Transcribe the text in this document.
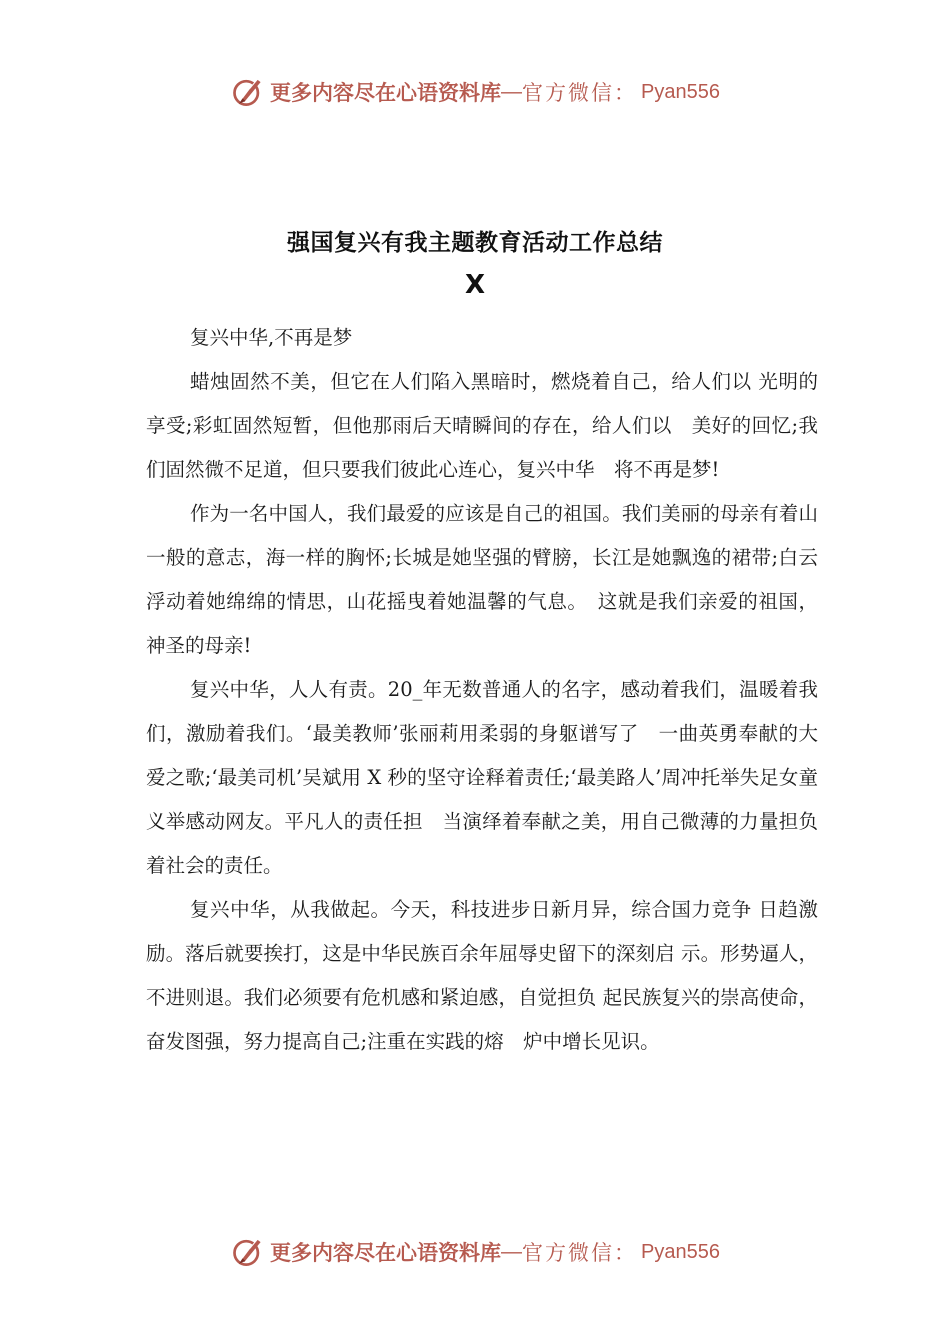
更多内容尽在心语资料库 — 官方微信： Pyan556
强国复兴有我主题教育活动工作总结
X

复兴中华,不再是梦

蜡烛固然不美，但它在人们陷入黑暗时，燃烧着自己，给人们以 光明的享受;彩虹固然短暂，但他那雨后天晴瞬间的存在，给人们以　美好的回忆;我们固然微不足道，但只要我们彼此心连心，复兴中华　将不再是梦!

作为一名中国人，我们最爱的应该是自己的祖国。我们美丽的母亲有着山一般的意志，海一样的胸怀;长城是她坚强的臂膀，长江是她飘逸的裙带;白云浮动着她绵绵的情思，山花摇曳着她温馨的气息。　这就是我们亲爱的祖国，神圣的母亲!

复兴中华，人人有责。20_年无数普通人的名字，感动着我们，温暖着我们，激励着我们。‘最美教师’张丽莉用柔弱的身躯谱写了　一曲英勇奉献的大爱之歌;‘最美司机’吴斌用 X 秒的坚守诠释着责任;‘最美路人’周冲托举失足女童义举感动网友。平凡人的责任担　当演绎着奉献之美，用自己微薄的力量担负着社会的责任。

复兴中华，从我做起。今天，科技进步日新月异，综合国力竞争 日趋激励。落后就要挨打，这是中华民族百余年屈辱史留下的深刻启 示。形势逼人，不进则退。我们必须要有危机感和紧迫感，自觉担负 起民族复兴的崇高使命，奋发图强，努力提高自己;注重在实践的熔　炉中增长见识。

更多内容尽在心语资料库 — 官方微信： Pyan556
